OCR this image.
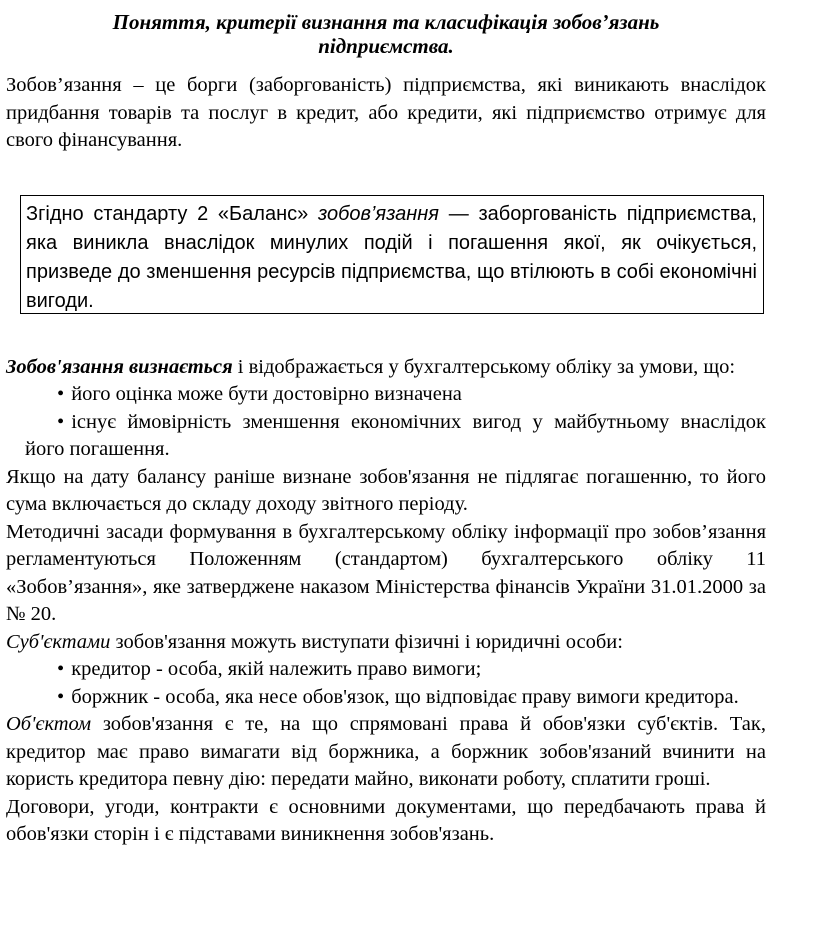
Поняття, критерії визнання та класифікація зобов’язань підприємства.

Зобов’язання – це борги (заборгованість) підприємства, які виникають внаслідок придбання товарів та послуг в кредит, або кредити, які підприємство отримує для свого фінансування.

Згідно стандарту 2 «Баланс» зобов’язання — заборгованість підприємства, яка виникла внаслідок минулих подій і погашення якої, як очікується, призведе до зменшення ресурсів підприємства, що втілюють в собі економічні вигоди.

Зобов'язання визнається і відображається у бухгалтерському обліку за умови, що:

• його оцінка може бути достовірно визначена

• існує ймовірність зменшення економічних вигод у майбутньому внаслідок його погашення.

Якщо на дату балансу раніше визнане зобов'язання не підлягає погашенню, то його сума включається до складу доходу звітного періоду.

Методичні засади формування в бухгалтерському обліку інформації про зобов’язання регламентуються Положенням (стандартом) бухгалтерського обліку 11 «Зобов’язання», яке затверджене наказом Міністерства фінансів України 31.01.2000 за № 20.

Суб'єктами зобов'язання можуть виступати фізичні і юридичні особи:

• кредитор - особа, якій належить право вимоги;

• боржник - особа, яка несе обов'язок, що відповідає праву вимоги кредитора.

Об'єктом зобов'язання є те, на що спрямовані права й обов'язки суб'єктів. Так, кредитор має право вимагати від боржника, а боржник зобов'язаний вчинити на користь кредитора певну дію: передати майно, виконати роботу, сплатити гроші.

Договори, угоди, контракти є основними документами, що передбачають права й обов'язки сторін і є підставами виникнення зобов'язань.
